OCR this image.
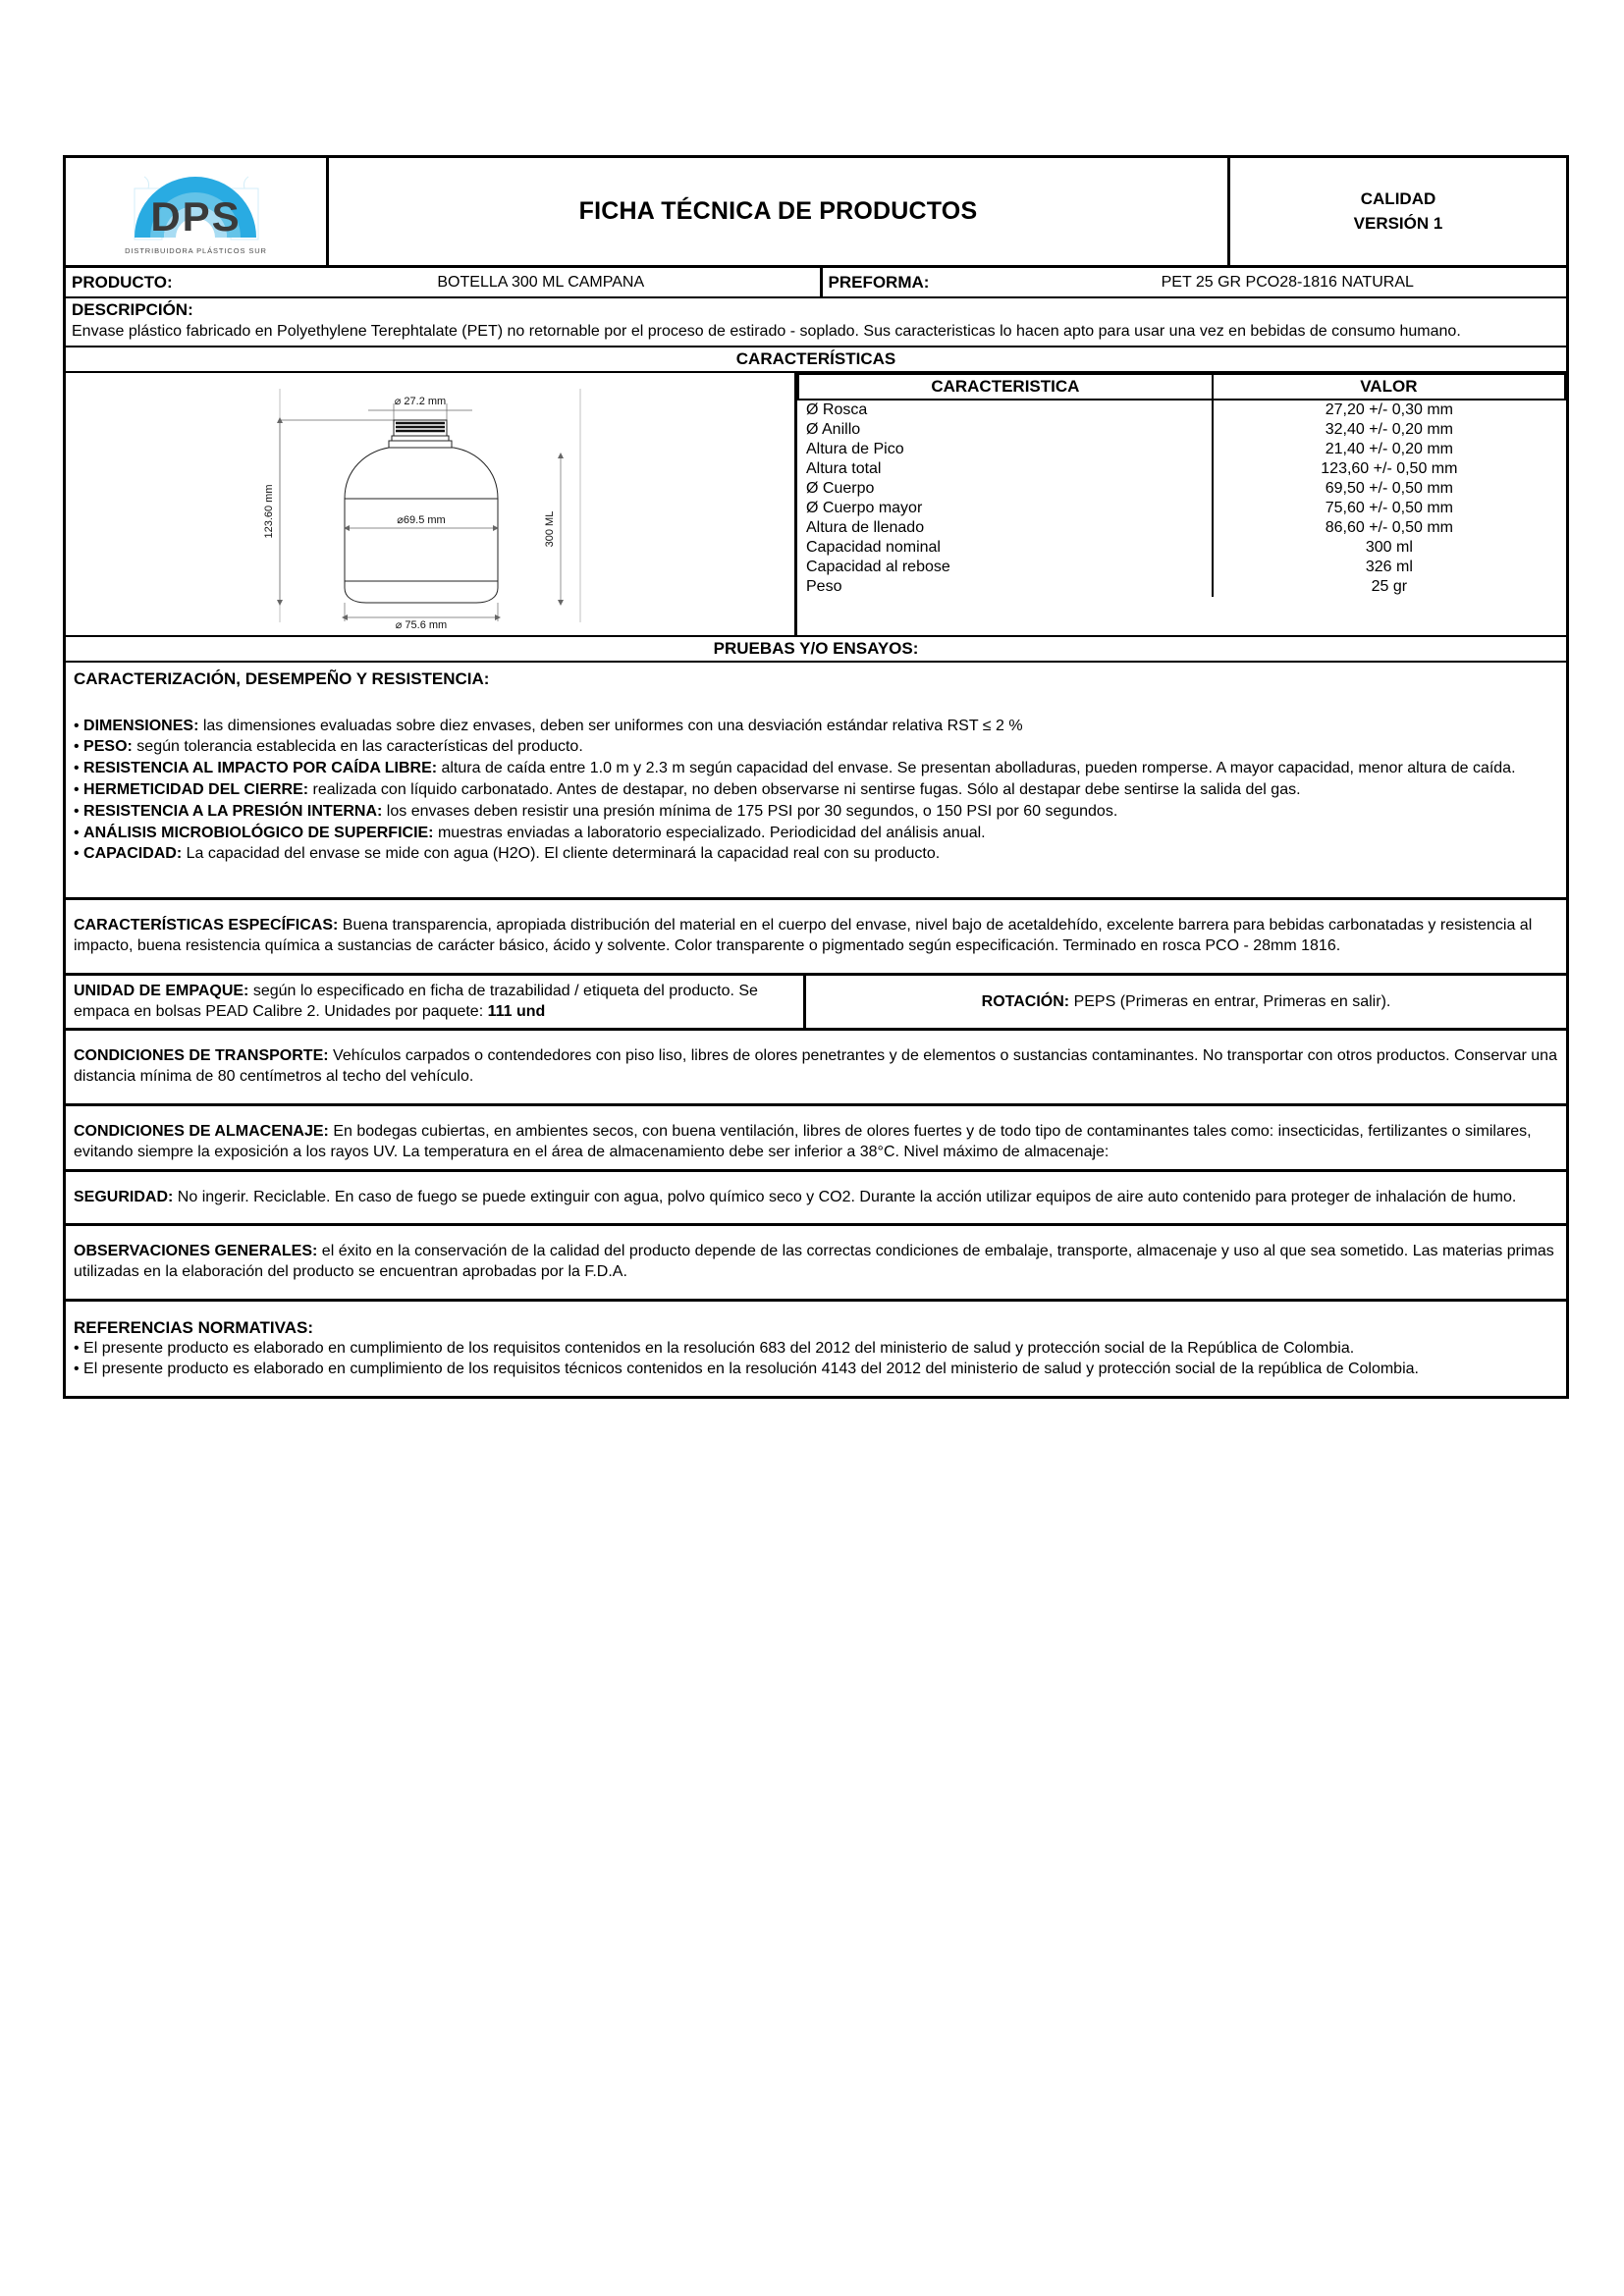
DPS
DISTRIBUIDORA PLÁSTICOS SUR
FICHA TÉCNICA DE PRODUCTOS	CALIDAD
VERSIÓN 1
PRODUCTO:	BOTELLA 300 ML CAMPANA	PREFORMA:	PET 25 GR PCO28-1816 NATURAL
DESCRIPCIÓN:
Envase plástico fabricado en Polyethylene Terephtalate (PET) no retornable por el proceso de estirado - soplado. Sus caracteristicas lo hacen apto para usar una vez en bebidas de consumo humano.
CARACTERÍSTICAS
⌀ 27.2 mm
123.60 mm	300 ML
⌀69.5 mm
⌀ 75.6 mm
CARACTERISTICA	VALOR
Ø Rosca	27,20 +/- 0,30 mm
Ø Anillo	32,40 +/- 0,20 mm
Altura de Pico	21,40 +/- 0,20 mm
Altura total	123,60 +/- 0,50 mm
Ø Cuerpo	69,50 +/- 0,50 mm
Ø Cuerpo mayor	75,60 +/- 0,50 mm
Altura de llenado	86,60 +/- 0,50 mm
Capacidad nominal	300 ml
Capacidad al rebose	326 ml
Peso	25 gr
PRUEBAS Y/O ENSAYOS:
CARACTERIZACIÓN, DESEMPEÑO Y RESISTENCIA:

• DIMENSIONES: las dimensiones evaluadas sobre diez envases, deben ser uniformes con una desviación estándar relativa RST ≤ 2 %

• PESO: según tolerancia establecida en las características del producto.

• RESISTENCIA AL IMPACTO POR CAÍDA LIBRE: altura de caída entre 1.0 m y 2.3 m según capacidad del envase. Se presentan abolladuras, pueden romperse. A mayor capacidad, menor altura de caída.

• HERMETICIDAD DEL CIERRE: realizada con líquido carbonatado. Antes de destapar, no deben observarse ni sentirse fugas. Sólo al destapar debe sentirse la salida del gas.

• RESISTENCIA A LA PRESIÓN INTERNA: los envases deben resistir una presión mínima de 175 PSI por 30 segundos, o 150 PSI por 60 segundos.

• ANÁLISIS MICROBIOLÓGICO DE SUPERFICIE: muestras enviadas a laboratorio especializado. Periodicidad del análisis anual.

• CAPACIDAD: La capacidad del envase se mide con agua (H2O). El cliente determinará la capacidad real con su producto.

CARACTERÍSTICAS ESPECÍFICAS: Buena transparencia, apropiada distribución del material en el cuerpo del envase, nivel bajo de acetaldehído, excelente barrera para bebidas carbonatadas y resistencia al impacto, buena resistencia química a sustancias de carácter básico, ácido y solvente. Color transparente o pigmentado según especificación. Terminado en rosca PCO - 28mm 1816.

UNIDAD DE EMPAQUE: según lo especificado en ficha de trazabilidad / etiqueta del producto. Se empaca en bolsas PEAD Calibre 2. Unidades por paquete: 111 und

ROTACIÓN: PEPS (Primeras en entrar, Primeras en salir).

CONDICIONES DE TRANSPORTE: Vehículos carpados o contendedores con piso liso, libres de olores penetrantes y de elementos o sustancias contaminantes. No transportar con otros productos. Conservar una distancia mínima de 80 centímetros al techo del vehículo.

CONDICIONES DE ALMACENAJE: En bodegas cubiertas, en ambientes secos, con buena ventilación, libres de olores fuertes y de todo tipo de contaminantes tales como: insecticidas, fertilizantes o similares, evitando siempre la exposición a los rayos UV. La temperatura en el área de almacenamiento debe ser inferior a 38°C. Nivel máximo de almacenaje:

SEGURIDAD: No ingerir. Reciclable. En caso de fuego se puede extinguir con agua, polvo químico seco y CO2. Durante la acción utilizar equipos de aire auto contenido para proteger de inhalación de humo.

OBSERVACIONES GENERALES: el éxito en la conservación de la calidad del producto depende de las correctas condiciones de embalaje, transporte, almacenaje y uso al que sea sometido. Las materias primas utilizadas en la elaboración del producto se encuentran aprobadas por la F.D.A.

REFERENCIAS NORMATIVAS:

• El presente producto es elaborado en cumplimiento de los requisitos contenidos en la resolución 683 del 2012 del ministerio de salud y protección social de la República de Colombia.

• El presente producto es elaborado en cumplimiento de los requisitos técnicos contenidos en la resolución 4143 del 2012 del ministerio de salud y protección social de la república de Colombia.
